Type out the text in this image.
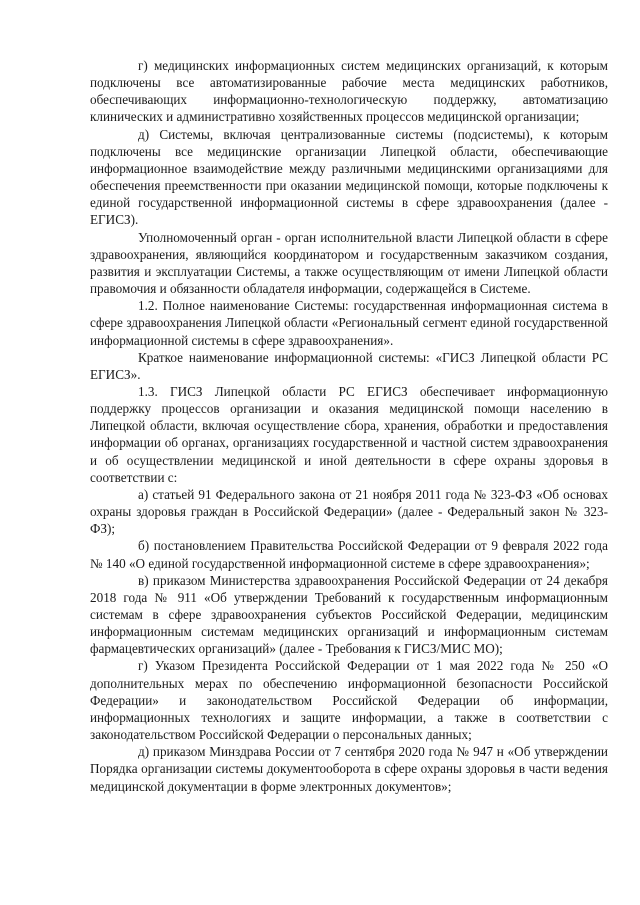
г) медицинских информационных систем медицинских организаций, к которым подключены все автоматизированные рабочие места медицинских работников, обеспечивающих информационно-технологическую поддержку, автоматизацию клинических и административно хозяйственных процессов медицинской организации;

д) Системы, включая централизованные системы (подсистемы), к которым подключены все медицинские организации Липецкой области, обеспечивающие информационное взаимодействие между различными медицинскими организациями для обеспечения преемственности при оказании медицинской помощи, которые подключены к единой государственной информационной системы в сфере здравоохранения (далее - ЕГИСЗ).

Уполномоченный орган - орган исполнительной власти Липецкой области в сфере здравоохранения, являющийся координатором и государственным заказчиком создания, развития и эксплуатации Системы, а также осуществляющим от имени Липецкой области правомочия и обязанности обладателя информации, содержащейся в Системе.

1.2. Полное наименование Системы: государственная информационная система в сфере здравоохранения Липецкой области «Региональный сегмент единой государственной информационной системы в сфере здравоохранения».

Краткое наименование информационной системы: «ГИСЗ Липецкой области РС ЕГИСЗ».

1.3. ГИСЗ Липецкой области РС ЕГИСЗ обеспечивает информационную поддержку процессов организации и оказания медицинской помощи населению в Липецкой области, включая осуществление сбора, хранения, обработки и предоставления информации об органах, организациях государственной и частной систем здравоохранения и об осуществлении медицинской и иной деятельности в сфере охраны здоровья в соответствии с:

а) статьей 91 Федерального закона от 21 ноября 2011 года № 323-ФЗ «Об основах охраны здоровья граждан в Российской Федерации» (далее - Федеральный закон № 323-ФЗ);

б) постановлением Правительства Российской Федерации от 9 февраля 2022 года № 140 «О единой государственной информационной системе в сфере здравоохранения»;

в) приказом Министерства здравоохранения Российской Федерации от 24 декабря 2018 года № 911 «Об утверждении Требований к государственным информационным системам в сфере здравоохранения субъектов Российской Федерации, медицинским информационным системам медицинских организаций и информационным системам фармацевтических организаций» (далее - Требования к ГИСЗ/МИС МО);

г) Указом Президента Российской Федерации от 1 мая 2022 года № 250 «О дополнительных мерах по обеспечению информационной безопасности Российской Федерации» и законодательством Российской Федерации об информации, информационных технологиях и защите информации, а также в соответствии с законодательством Российской Федерации о персональных данных;

д) приказом Минздрава России от 7 сентября 2020 года № 947 н «Об утверждении Порядка организации системы документооборота в сфере охраны здоровья в части ведения медицинской документации в форме электронных документов»;
